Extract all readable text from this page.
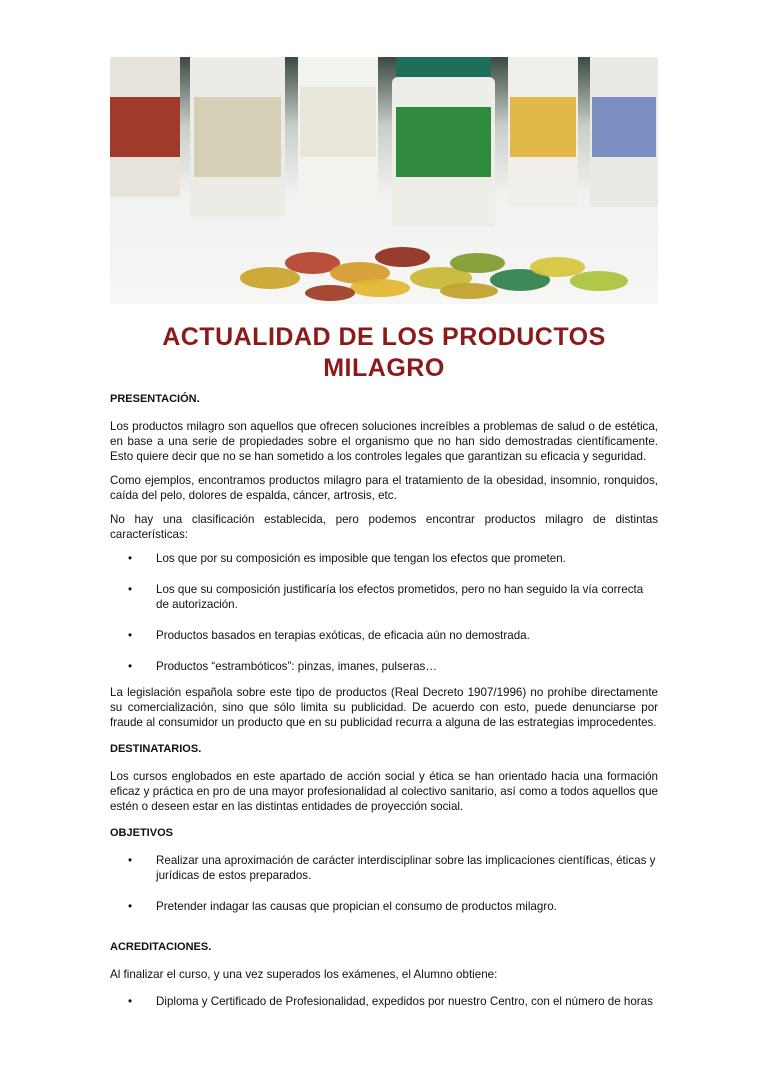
ACTUALIDAD DE LOS PRODUCTOS
MILAGRO
PRESENTACIÓN.

Los productos milagro son aquellos que ofrecen soluciones increíbles a problemas de salud o de estética, en base a una serie de propiedades sobre el organismo que no han sido demostradas científicamente. Esto quiere decir que no se han sometido a los controles legales que garantizan su eficacia y seguridad.

Como ejemplos, encontramos productos milagro para el tratamiento de la obesidad, insomnio, ronquidos, caída del pelo, dolores de espalda, cáncer, artrosis, etc.

No hay una clasificación establecida, pero podemos encontrar productos milagro de distintas características:

• Los que por su composición es imposible que tengan los efectos que prometen.
• Los que su composición justificaría los efectos prometidos, pero no han seguido la vía correcta de autorización.
• Productos basados en terapias exóticas, de eficacia aún no demostrada.
• Productos “estrambóticos”: pinzas, imanes, pulseras…

La legislación española sobre este tipo de productos (Real Decreto 1907/1996) no prohíbe directamente su comercialización, sino que sólo limita su publicidad. De acuerdo con esto, puede denunciarse por fraude al consumidor un producto que en su publicidad recurra a alguna de las estrategias improcedentes.

DESTINATARIOS.

Los cursos englobados en este apartado de acción social y ética se han orientado hacia una formación eficaz y práctica en pro de una mayor profesionalidad al colectivo sanitario, así como a todos aquellos que estén o deseen estar en las distintas entidades de proyección social.

OBJETIVOS
• Realizar una aproximación de carácter interdisciplinar sobre las implicaciones científicas, éticas y jurídicas de estos preparados.
• Pretender indagar las causas que propician el consumo de productos milagro.
ACREDITACIONES.

Al finalizar el curso, y una vez superados los exámenes, el Alumno obtiene:

• Diploma y Certificado de Profesionalidad, expedidos por nuestro Centro, con el número de horas
